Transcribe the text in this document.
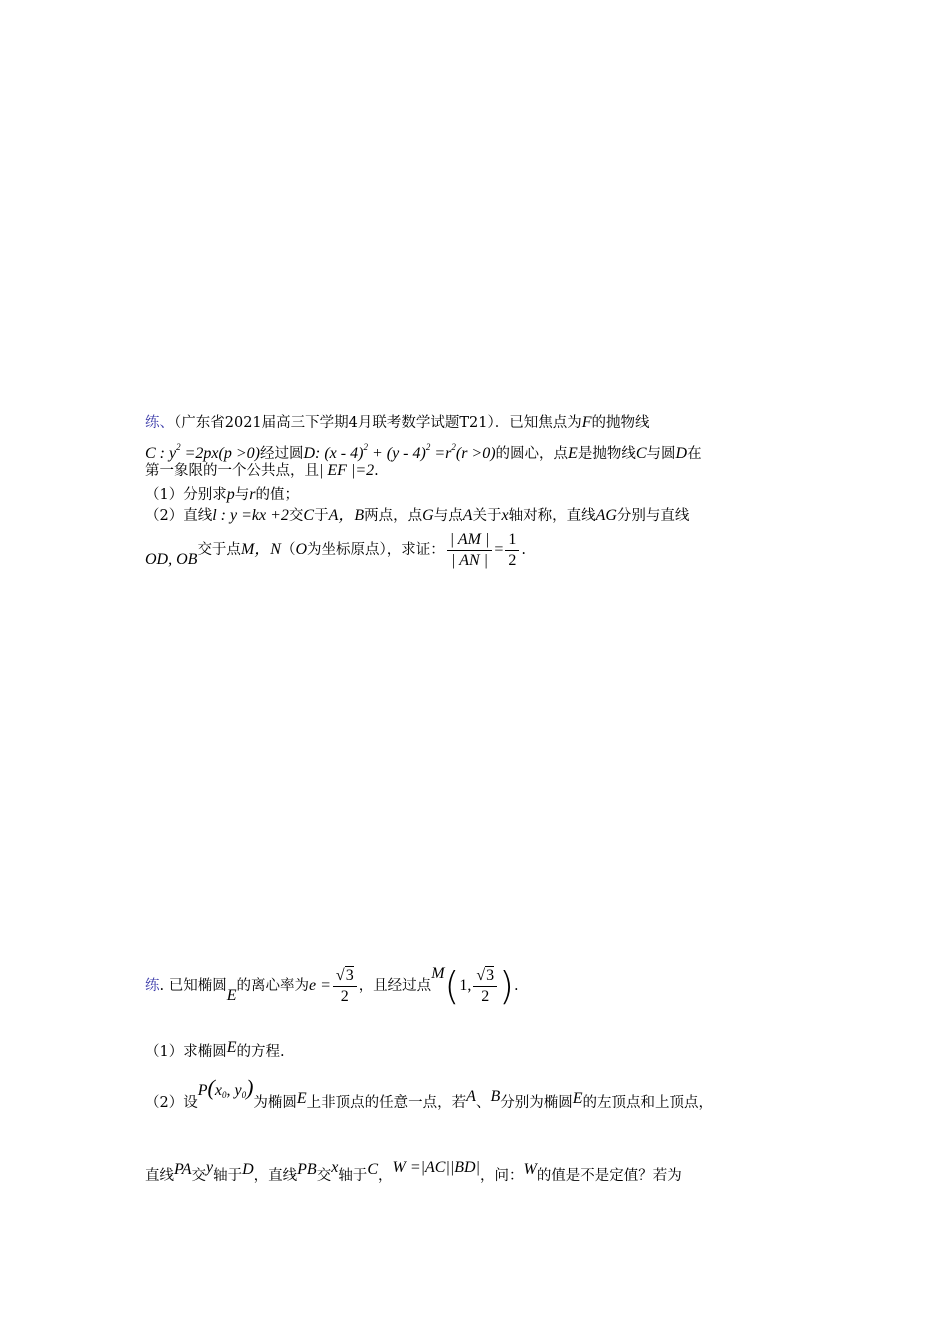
练、（广东省2021届高三下学期4月联考数学试题T21）．已知焦点为F的抛物线
C : $y^2 =2px(p >0)$经过圆D: $(x - 4)^2 + (y - 4)^2 =r^2(r >0)$的圆心，点E是抛物线C与圆D在
第一象限的一个公共点，且| EF |=2.
（1）分别求p与r的值；
（2）直线l : y =kx +2交C于A，B两点，点G与点A关于x轴对称，直线AG分别与直线
OD, OB交于点M，N（O为坐标原点），求证： $\frac{| AM |}{| AN |} = \frac{1}{2}$ .
练. 已知椭圆E的离心率为$e = \frac{√3}{2}$ ，且经过点M(1, $\frac{√3}{2}$ ).
（1）求椭圆E的方程.
（2）设$P(x_0$, $y_0$)为椭圆E上非顶点的任意一点，若A、B分别为椭圆E的左顶点和上顶点，
直线PA交y轴于D，直线PB交x轴于C，W =|AC||BD|，问：W的值是不是定值？若为
